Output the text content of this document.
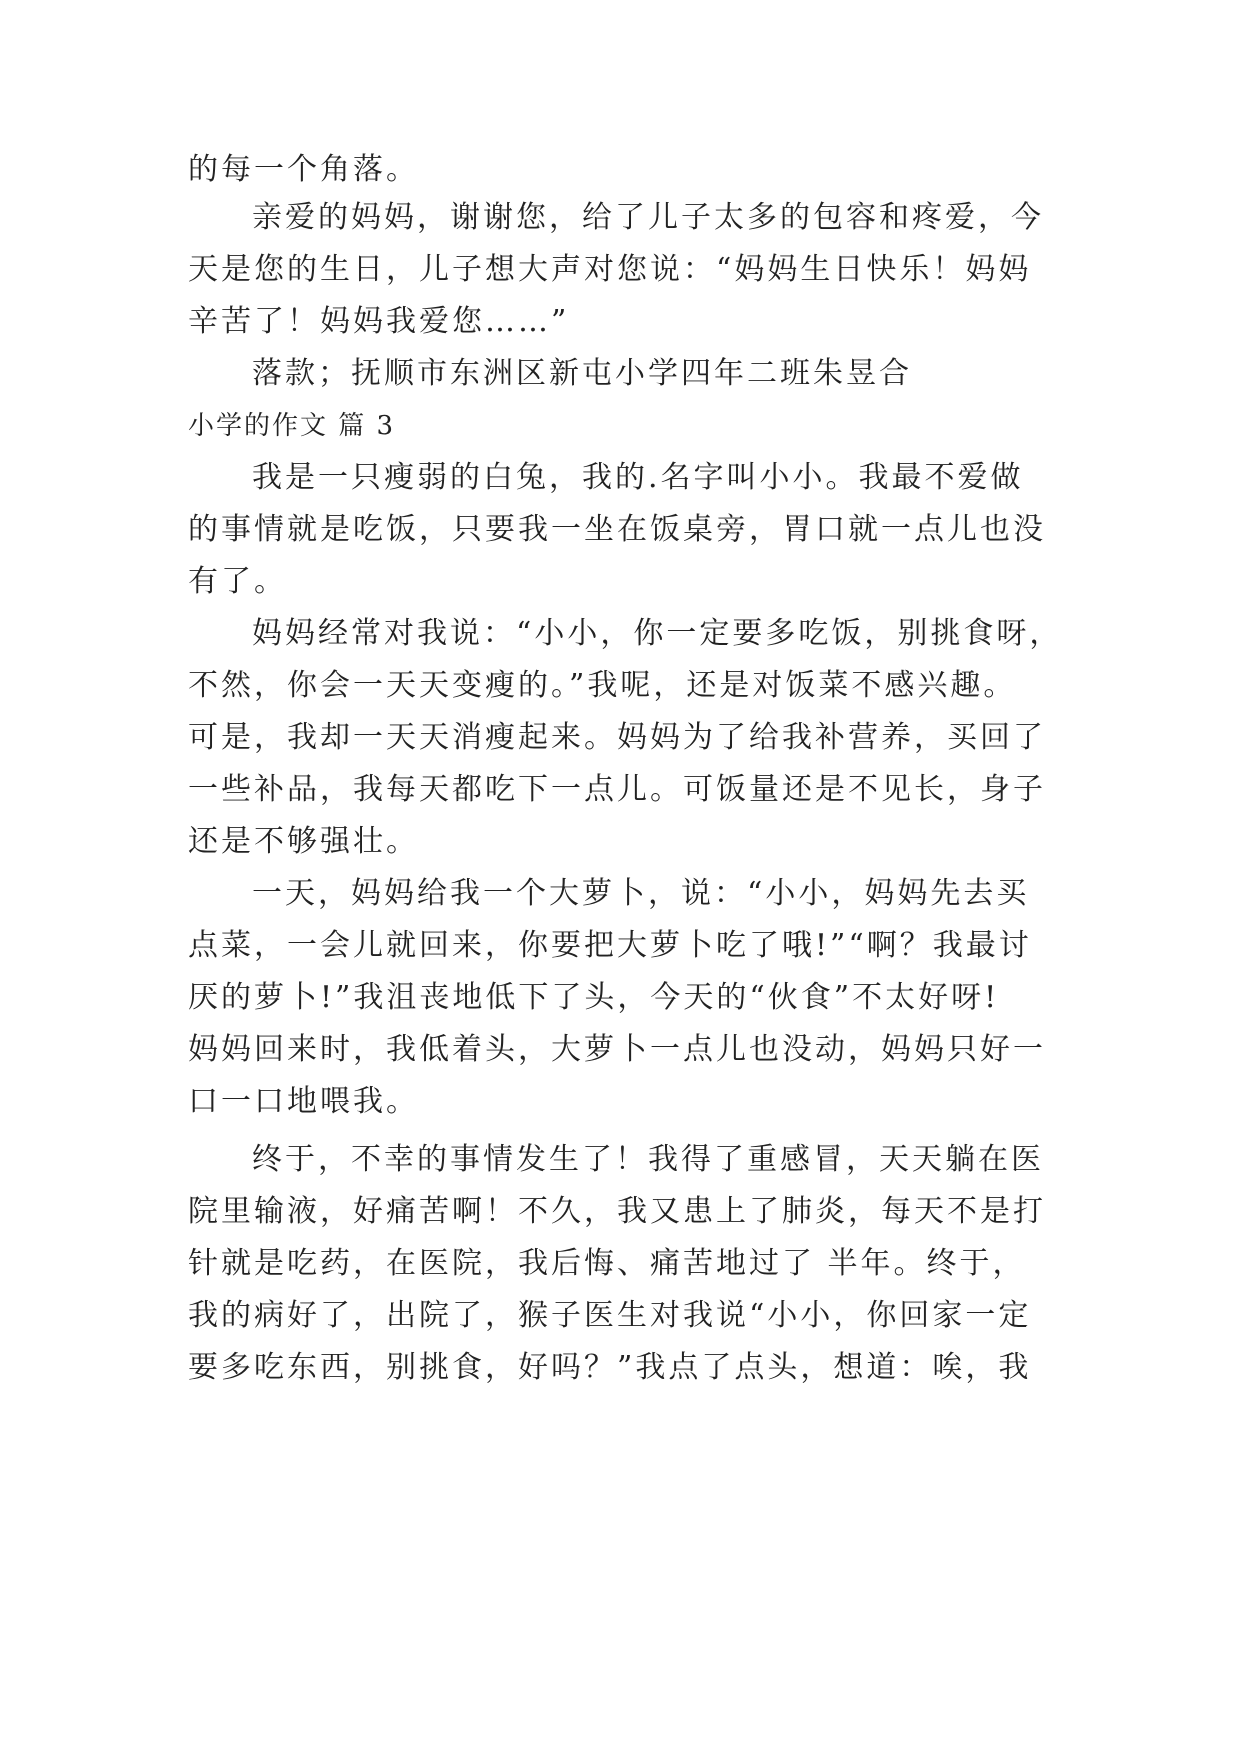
的每一个角落。
亲爱的妈妈，谢谢您，给了儿子太多的包容和疼爱，今
天是您的生日，儿子想大声对您说：“妈妈生日快乐！妈妈
辛苦了！妈妈我爱您……”
落款；抚顺市东洲区新屯小学四年二班朱昱合
小学的作文 篇 3
我是一只瘦弱的白兔，我的.名字叫小小。我最不爱做
的事情就是吃饭，只要我一坐在饭桌旁，胃口就一点儿也没
有了。
妈妈经常对我说：“小小，你一定要多吃饭，别挑食呀，
不然，你会一天天变瘦的。”我呢，还是对饭菜不感兴趣。
可是，我却一天天消瘦起来。妈妈为了给我补营养，买回了
一些补品，我每天都吃下一点儿。可饭量还是不见长，身子
还是不够强壮。
一天，妈妈给我一个大萝卜，说：“小小，妈妈先去买
点菜，一会儿就回来，你要把大萝卜吃了哦!”“啊？我最讨
厌的萝卜!”我沮丧地低下了头，今天的“伙食”不太好呀!
妈妈回来时，我低着头，大萝卜一点儿也没动，妈妈只好一
口一口地喂我。
终于，不幸的事情发生了！我得了重感冒，天天躺在医
院里输液，好痛苦啊！不久，我又患上了肺炎，每天不是打
针就是吃药，在医院，我后悔、痛苦地过了 半年。终于，
我的病好了，出院了，猴子医生对我说“小小，你回家一定
要多吃东西，别挑食，好吗？”我点了点头，想道：唉，我
